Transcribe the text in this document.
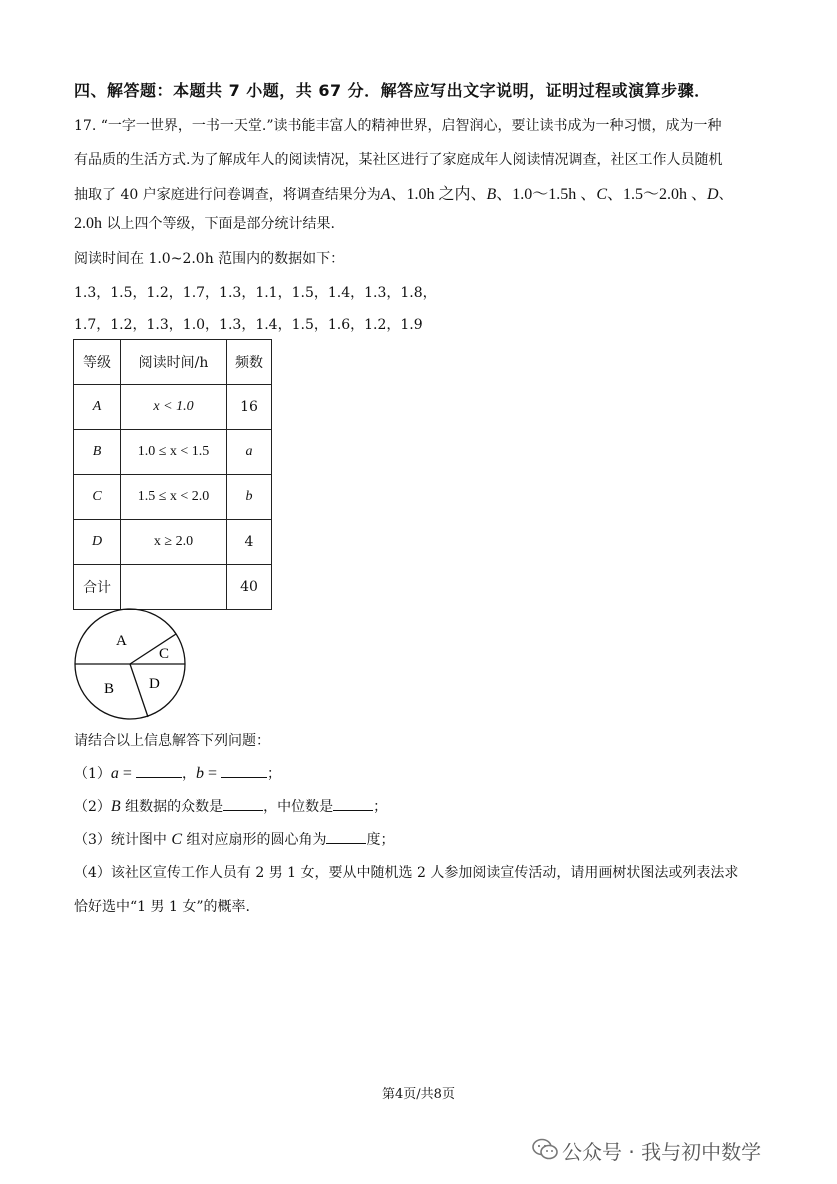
四、解答题：本题共 7 小题，共 67 分．解答应写出文字说明，证明过程或演算步骤．
17. “一字一世界，一书一天堂.”读书能丰富人的精神世界，启智润心，要让读书成为一种习惯，成为一种
有品质的生活方式.为了解成年人的阅读情况，某社区进行了家庭成年人阅读情况调查，社区工作人员随机
抽取了 40 户家庭进行问卷调查，将调查结果分为A、1.0h 之内、B、1.0～1.5h 、C、1.5～2.0h 、D、
2.0h 以上四个等级，下面是部分统计结果.
阅读时间在 1.0~2.0h 范围内的数据如下：
1.3，1.5，1.2，1.7，1.3，1.1，1.5，1.4，1.3，1.8，
1.7，1.2，1.3，1.0，1.3，1.4，1.5，1.6，1.2，1.9
等级	阅读时间/h	频数
A	x < 1.0	16
B	1.0 ≤ x < 1.5	a
C	1.5 ≤ x < 2.0	b
D	x ≥ 2.0	4
合计		40
A
B
C
D
请结合以上信息解答下列问题：
（1）a =	，b =	；
（2）B 组数据的众数是	，中位数是	；
（3）统计图中 C 组对应扇形的圆心角为	度；
（4）该社区宣传工作人员有 2 男 1 女，要从中随机选 2 人参加阅读宣传活动，请用画树状图法或列表法求
恰好选中“1 男 1 女”的概率.
第4页/共8页
公众号 · 我与初中数学
